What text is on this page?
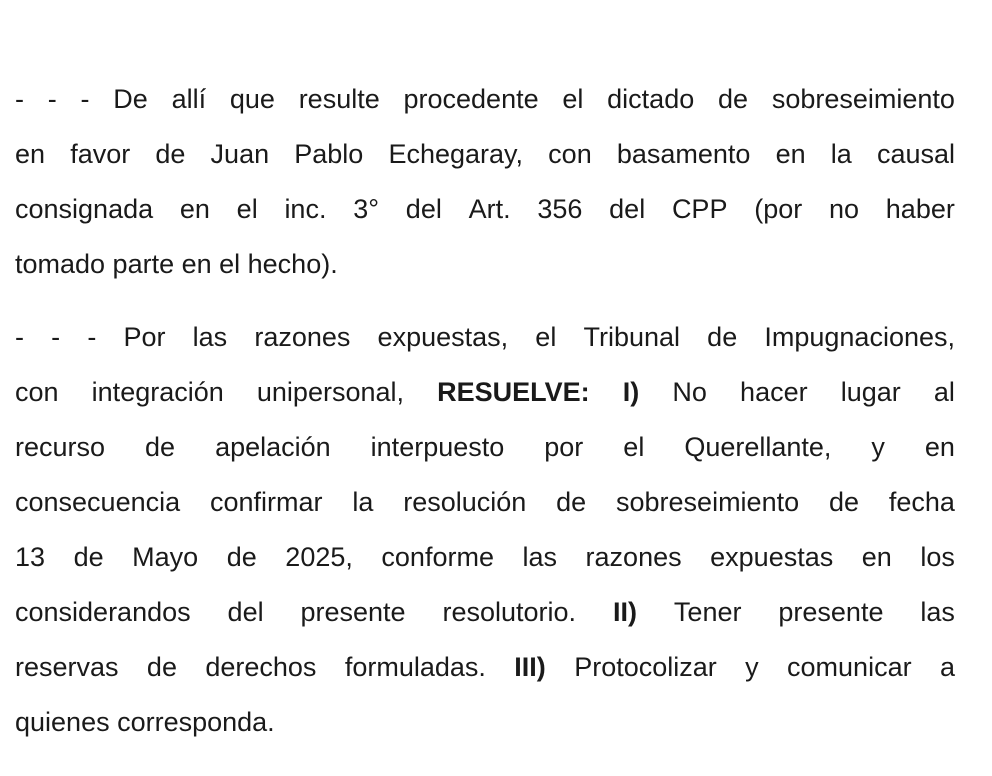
- - - De allí que resulte procedente el dictado de sobreseimiento
en favor de Juan Pablo Echegaray, con basamento en la causal
consignada en el inc. 3° del Art. 356 del CPP (por no haber
tomado parte en el hecho).
- - - Por las razones expuestas, el Tribunal de Impugnaciones,
con integración unipersonal, RESUELVE: I) No hacer lugar al
recurso de apelación interpuesto por el Querellante, y en
consecuencia confirmar la resolución de sobreseimiento de fecha
13 de Mayo de 2025, conforme las razones expuestas en los
considerandos del presente resolutorio. II) Tener presente las
reservas de derechos formuladas. III) Protocolizar y comunicar a
quienes corresponda.
